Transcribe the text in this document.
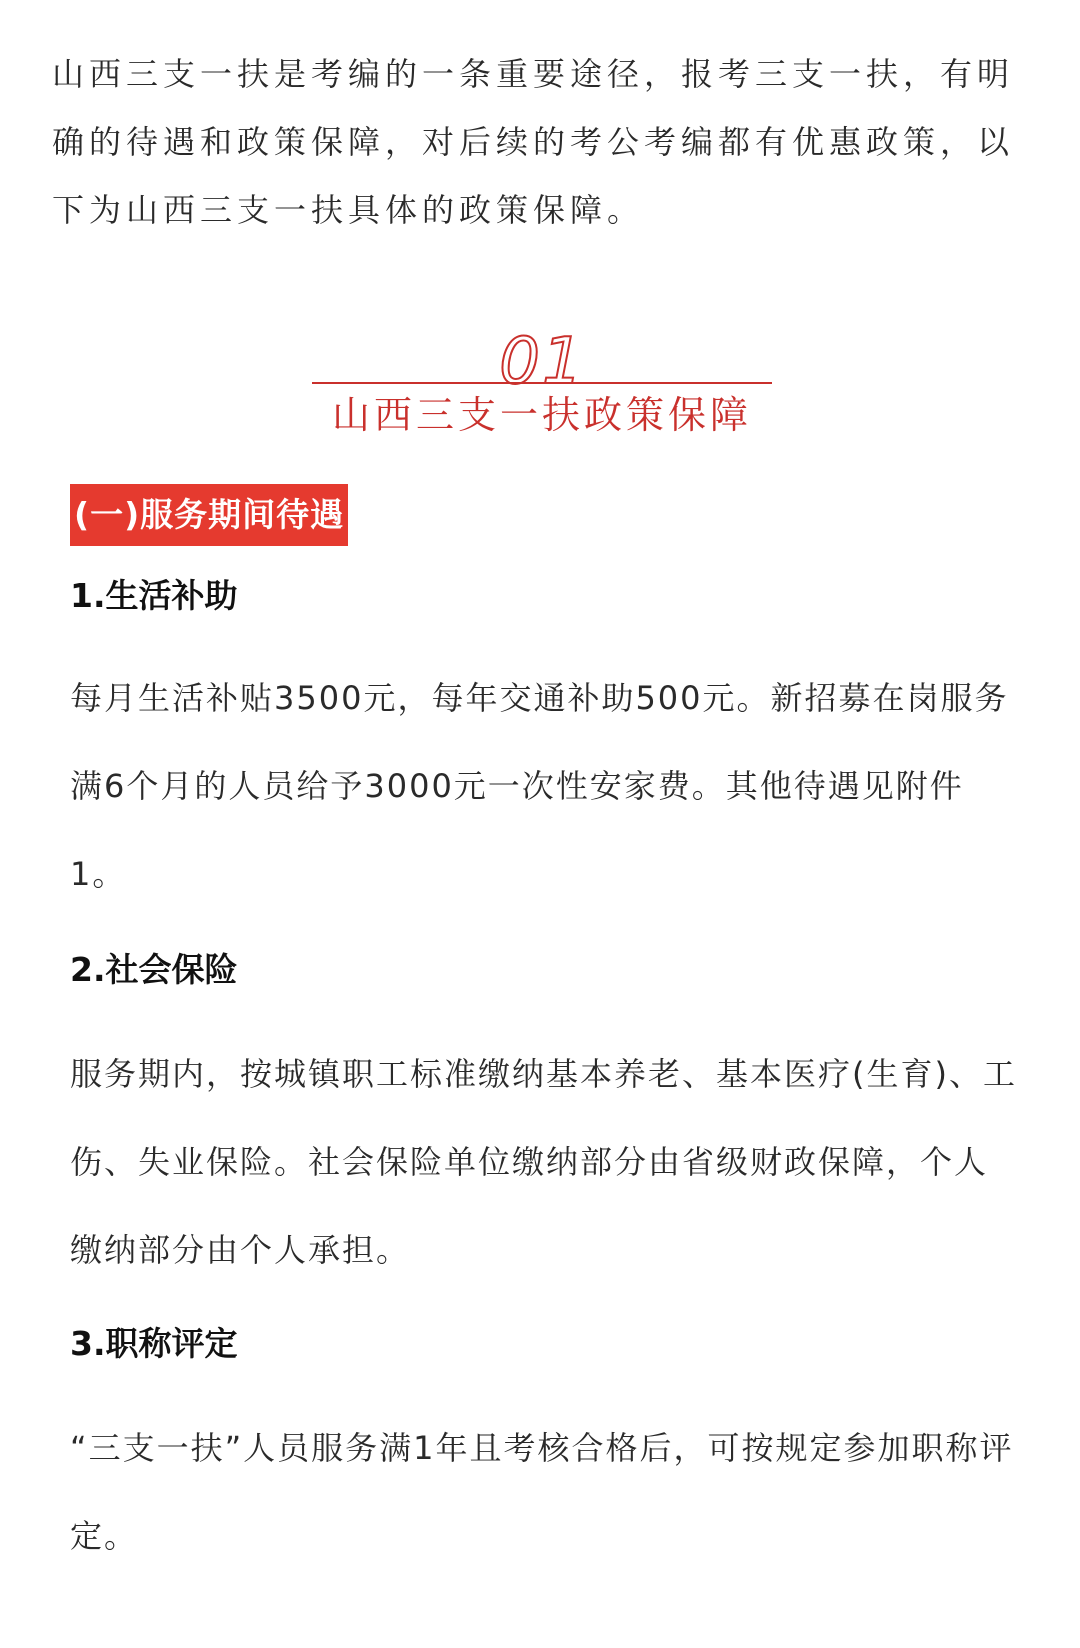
山西三支一扶是考编的一条重要途径，报考三支一扶，有明确的待遇和政策保障，对后续的考公考编都有优惠政策，以下为山西三支一扶具体的政策保障。

01
山西三支一扶政策保障
(一)服务期间待遇
1.生活补助

每月生活补贴3500元，每年交通补助500元。新招募在岗服务满6个月的人员给予3000元一次性安家费。其他待遇见附件1。

2.社会保险

服务期内，按城镇职工标准缴纳基本养老、基本医疗(生育)、工伤、失业保险。社会保险单位缴纳部分由省级财政保障，个人缴纳部分由个人承担。

3.职称评定

“三支一扶”人员服务满1年且考核合格后，可按规定参加职称评定。
